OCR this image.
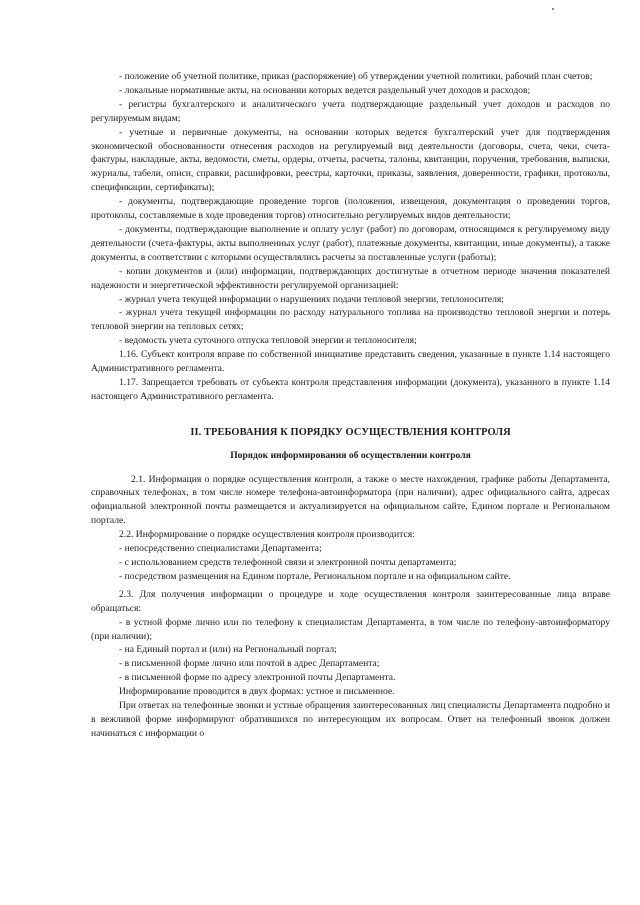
- положение об учетной политике, приказ (распоряжение) об утверждении учетной политики, рабочий план счетов;

- локальные нормативные акты, на основании которых ведется раздельный учет доходов и расходов;

- регистры бухгалтерского и аналитического учета подтверждающие раздельный учет доходов и расходов по регулируемым видам;

- учетные и первичные документы, на основании которых ведется бухгалтерский учет для подтверждения экономической обоснованности отнесения расходов на регулируемый вид деятельности (договоры, счета, чеки, счета-фактуры, накладные, акты, ведомости, сметы, ордеры, отчеты, расчеты, талоны, квитанции, поручения, требования, выписки, журналы, табели, описи, справки, расшифровки, реестры, карточки, приказы, заявления, доверенности, графики, протоколы, спецификации, сертификаты);

- документы, подтверждающие проведение торгов (положения, извещения, документация о проведении торгов, протоколы, составляемые в ходе проведения торгов) относительно регулируемых видов деятельности;

- документы, подтверждающие выполнение и оплату услуг (работ) по договорам, относящимся к регулируемому виду деятельности (счета-фактуры, акты выполненных услуг (работ), платежные документы, квитанции, иные документы), а также документы, в соответствии с которыми осуществлялись расчеты за поставленные услуги (работы);

- копии документов и (или) информации, подтверждающих достигнутые в отчетном периоде значения показателей надежности и энергетической эффективности регулируемой организацией:

- журнал учета текущей информации о нарушениях подачи тепловой энергии, теплоносителя;

- журнал учета текущей информации по расходу натурального топлива на производство тепловой энергии и потерь тепловой энергии на тепловых сетях;

- ведомость учета суточного отпуска тепловой энергии и теплоносителя;

1.16. Субъект контроля вправе по собственной инициативе представить сведения, указанные в пункте 1.14 настоящего Административного регламента.

1.17. Запрещается требовать от субъекта контроля представления информации (документа), указанного в пункте 1.14 настоящего Административного регламента.

II. ТРЕБОВАНИЯ К ПОРЯДКУ ОСУЩЕСТВЛЕНИЯ КОНТРОЛЯ
Порядок информирования об осуществлении контроля

2.1. Информация о порядке осуществления контроля, а также о месте нахождения, графике работы Департамента, справочных телефонах, в том числе номере телефона-автоинформатора (при наличии), адрес официального сайта, адресах официальной электронной почты размещается и актуализируется на официальном сайте, Едином портале и Региональном портале.

2.2. Информирование о порядке осуществления контроля производится:

- непосредственно специалистами Департамента;

- с использованием средств телефонной связи и электронной почты департамента;

- посредством размещения на Едином портале, Региональном портале и на официальном сайте.

2.3. Для получения информации о процедуре и ходе осуществления контроля заинтересованные лица вправе обращаться:

- в устной форме лично или по телефону к специалистам Департамента, в том числе по телефону-автоинформатору (при наличии);

- на Единый портал и (или) на Региональный портал;

- в письменной форме лично или почтой в адрес Департамента;

- в письменной форме по адресу электронной почты Департамента.

Информирование проводится в двух формах: устное и письменное.

При ответах на телефонные звонки и устные обращения заинтересованных лиц специалисты Департамента подробно и в вежливой форме информируют обратившихся по интересующим их вопросам. Ответ на телефонный звонок должен начинаться с информации о
